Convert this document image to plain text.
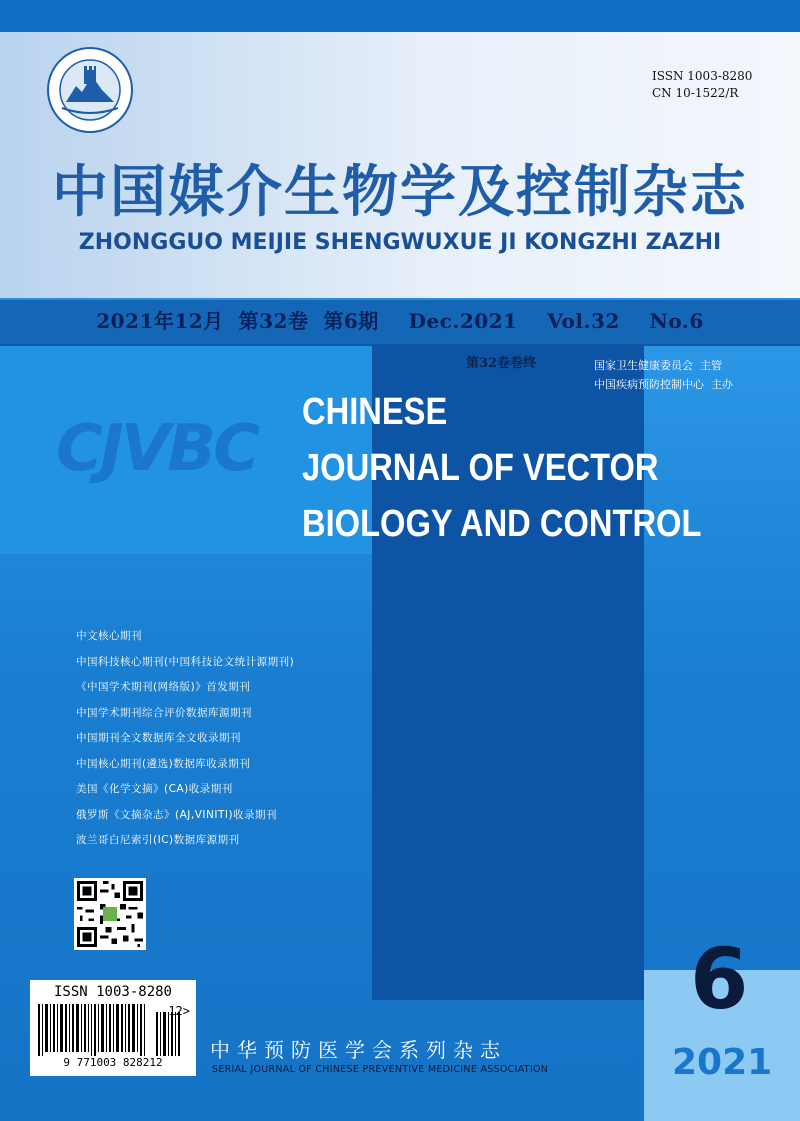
ISSN 1003-8280
CN 10-1522/R
中国媒介生物学及控制杂志
ZHONGGUO MEIJIE SHENGWUXUE JI KONGZHI ZAZHI
2021年12月  第32卷  第6期    Dec.2021    Vol.32    No.6
第32卷卷终	国家卫生健康委员会  主管
中国疾病预防控制中心  主办
CJVBC CHINESE
JOURNAL OF VECTOR
BIOLOGY AND CONTROL
中文核心期刊
中国科技核心期刊(中国科技论文统计源期刊)
《中国学术期刊(网络版)》首发期刊
中国学术期刊综合评价数据库源期刊
中国期刊全文数据库全文收录期刊
中国核心期刊(遴选)数据库收录期刊
美国《化学文摘》(CA)收录期刊
俄罗斯《文摘杂志》(AJ,VINITI)收录期刊
波兰哥白尼索引(IC)数据库源期刊
ISSN 1003-8280
9 771003 828212
12>	6
2021
中华预防医学会系列杂志
SERIAL JOURNAL OF CHINESE PREVENTIVE MEDICINE ASSOCIATION
